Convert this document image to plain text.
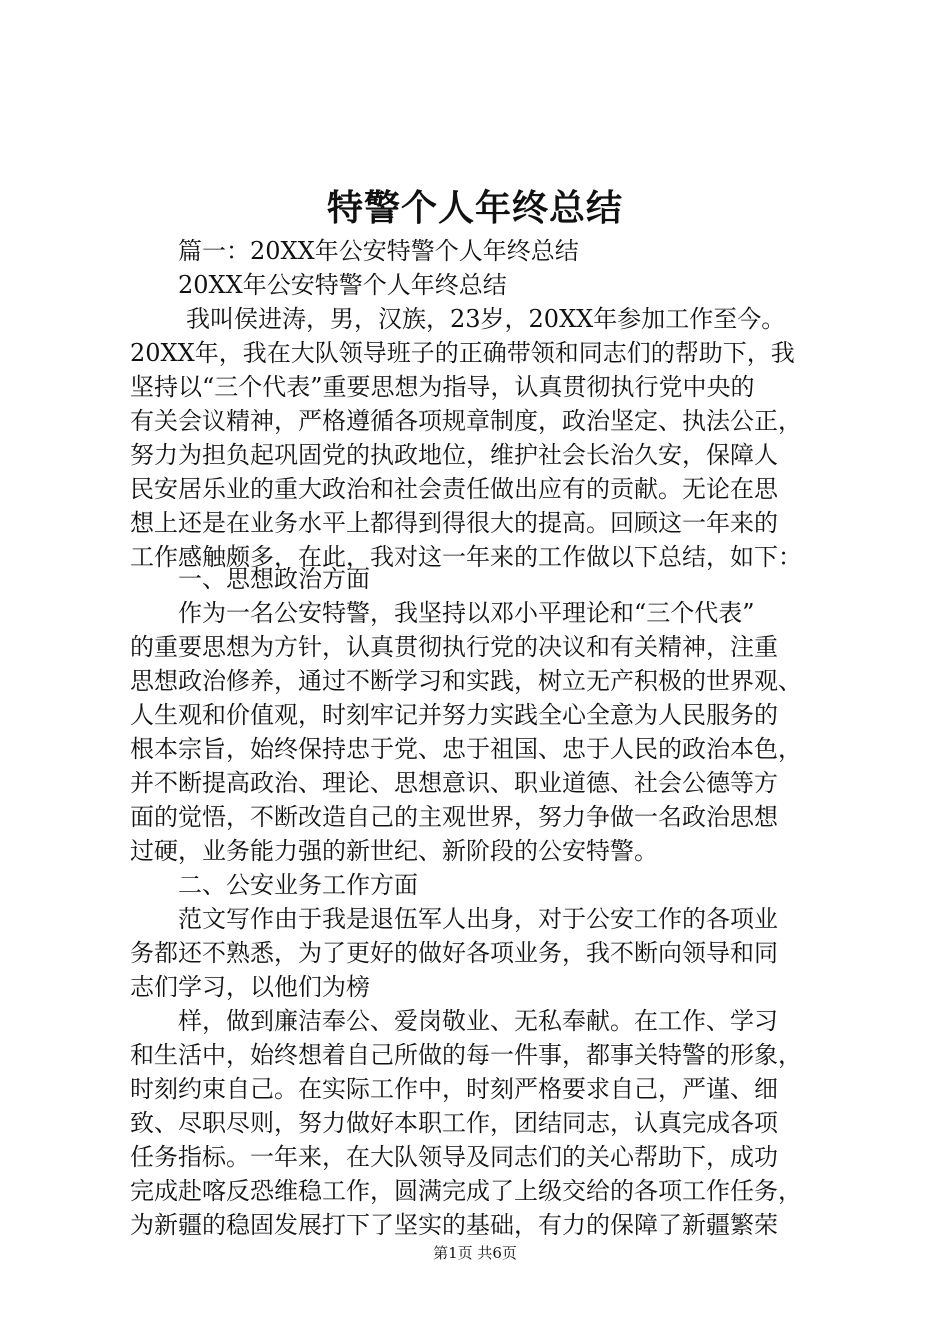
特警个人年终总结
篇一：20XX年公安特警个人年终总结
20XX年公安特警个人年终总结
我叫侯进涛，男，汉族，23岁，20XX年参加工作至今。
20XX年，我在大队领导班子的正确带领和同志们的帮助下，我
坚持以“三个代表”重要思想为指导，认真贯彻执行党中央的
有关会议精神，严格遵循各项规章制度，政治坚定、执法公正，
努力为担负起巩固党的执政地位，维护社会长治久安，保障人
民安居乐业的重大政治和社会责任做出应有的贡献。无论在思
想上还是在业务水平上都得到得很大的提高。回顾这一年来的
工作感触颇多，在此，我对这一年来的工作做以下总结，如下：
一、思想政治方面
作为一名公安特警，我坚持以邓小平理论和“三个代表”
的重要思想为方针，认真贯彻执行党的决议和有关精神，注重
思想政治修养，通过不断学习和实践，树立无产积极的世界观、
人生观和价值观，时刻牢记并努力实践全心全意为人民服务的
根本宗旨，始终保持忠于党、忠于祖国、忠于人民的政治本色，
并不断提高政治、理论、思想意识、职业道德、社会公德等方
面的觉悟，不断改造自己的主观世界，努力争做一名政治思想
过硬，业务能力强的新世纪、新阶段的公安特警。
二、公安业务工作方面
范文写作由于我是退伍军人出身，对于公安工作的各项业
务都还不熟悉，为了更好的做好各项业务，我不断向领导和同
志们学习，以他们为榜
样，做到廉洁奉公、爱岗敬业、无私奉献。在工作、学习
和生活中，始终想着自己所做的每一件事，都事关特警的形象，
时刻约束自己。在实际工作中，时刻严格要求自己，严谨、细
致、尽职尽则，努力做好本职工作，团结同志，认真完成各项
任务指标。一年来，在大队领导及同志们的关心帮助下，成功
完成赴喀反恐维稳工作，圆满完成了上级交给的各项工作任务，
第1页 共6页
为新疆的稳固发展打下了坚实的基础，有力的保障了新疆繁荣
